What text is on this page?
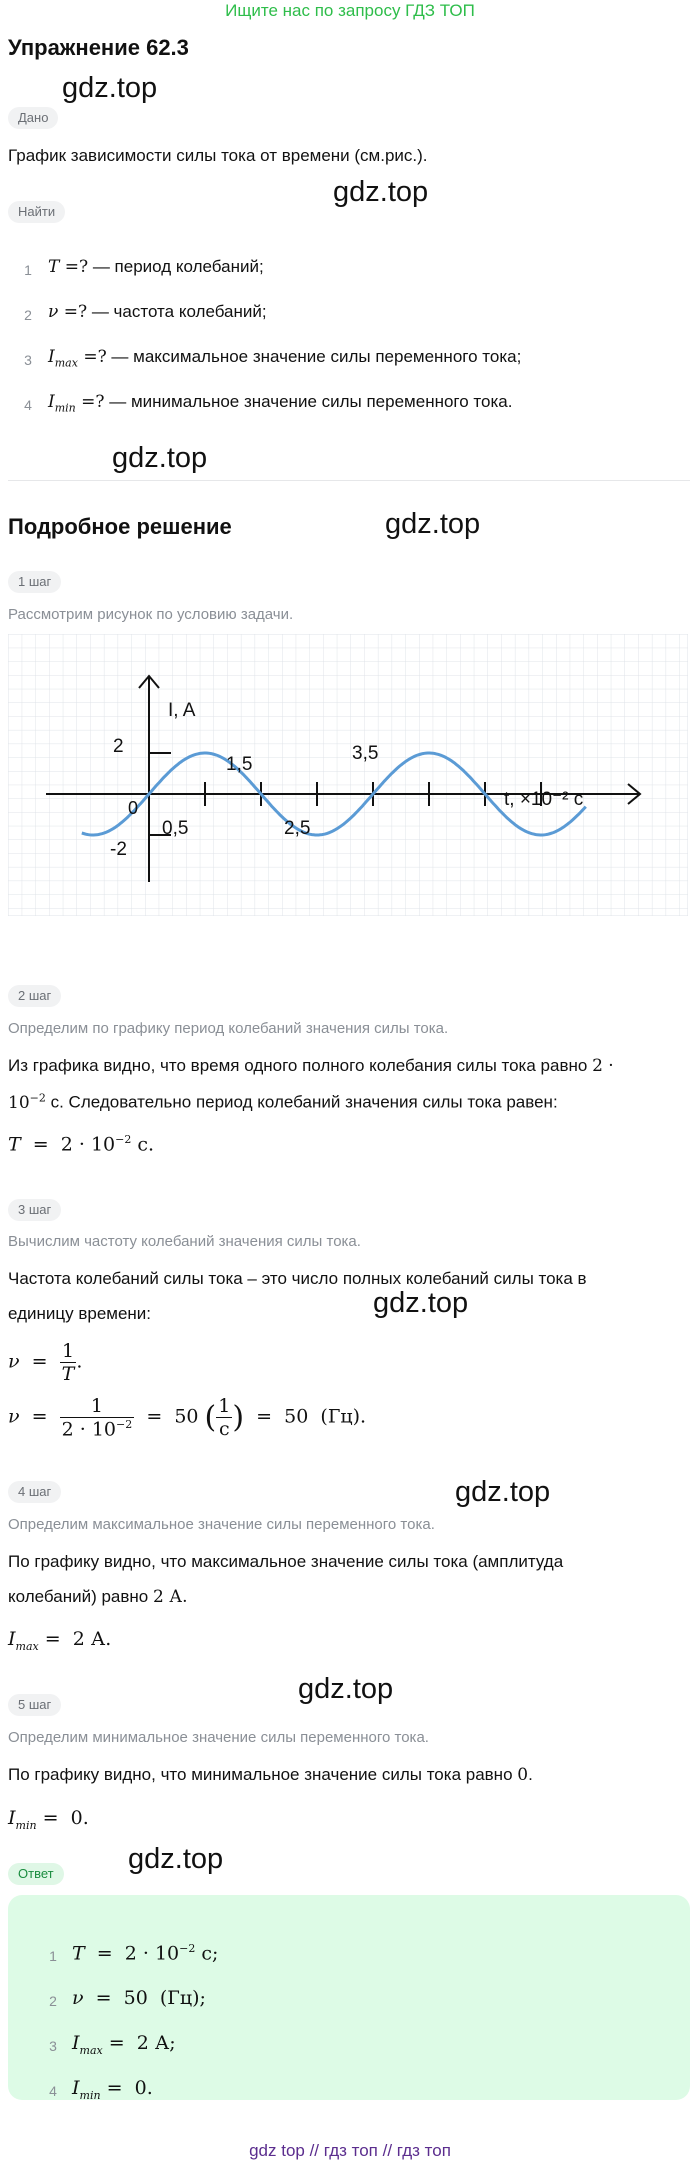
Ищите нас по запросу ГДЗ ТОП
Упражнение 62.3
gdz.top
gdz.top
gdz.top
gdz.top
gdz.top
gdz.top
gdz.top
gdz.top
Дано
График зависимости силы тока от времени (см.рис.).
Найти
1 T =? — период колебаний;
2 ν =? — частота колебаний;
3 $I_{max}$ =? — максимальное значение силы переменного тока;
4 $I_{min}$ =? — минимальное значение силы переменного тока.
Подробное решение
1 шаг
Рассмотрим рисунок по условию задачи.
I, A
2
-2
0
0,5
1,5
2,5
3,5
t, ×10⁻² с
2 шаг
Определим по графику период колебаний значения силы тока.
Из графика видно, что время одного полного колебания силы тока равно 2 ·
$10^{-2}$ с. Следовательно период колебаний значения силы тока равен:
$T = 2 \cdot 10^{-2}$ с.
3 шаг
Вычислим частоту колебаний значения силы тока.
Частота колебаний силы тока – это число полных колебаний силы тока в
единицу времени:
$\nu = \frac{1}{T}$ .
$\nu = \frac{1}{2 \cdot 10^{-2}} = 50$ ( $\frac{1}{с}$ )  =  50  (Гц).
4 шаг
Определим максимальное значение силы переменного тока.
По графику видно, что максимальное значение силы тока (амплитуда
колебаний) равно 2 А.
$I_{max} = 2$ А.
5 шаг
Определим минимальное значение силы переменного тока.
По графику видно, что минимальное значение силы тока равно 0.
$I_{min} = 0$.
Ответ
1 $T = 2 \cdot 10^{-2}$ с;
2 ν  =  50  (Гц);
3 $I_{max} = 2$ А;
4 $I_{min} = 0$.
gdz top // гдз топ // гдз топ
